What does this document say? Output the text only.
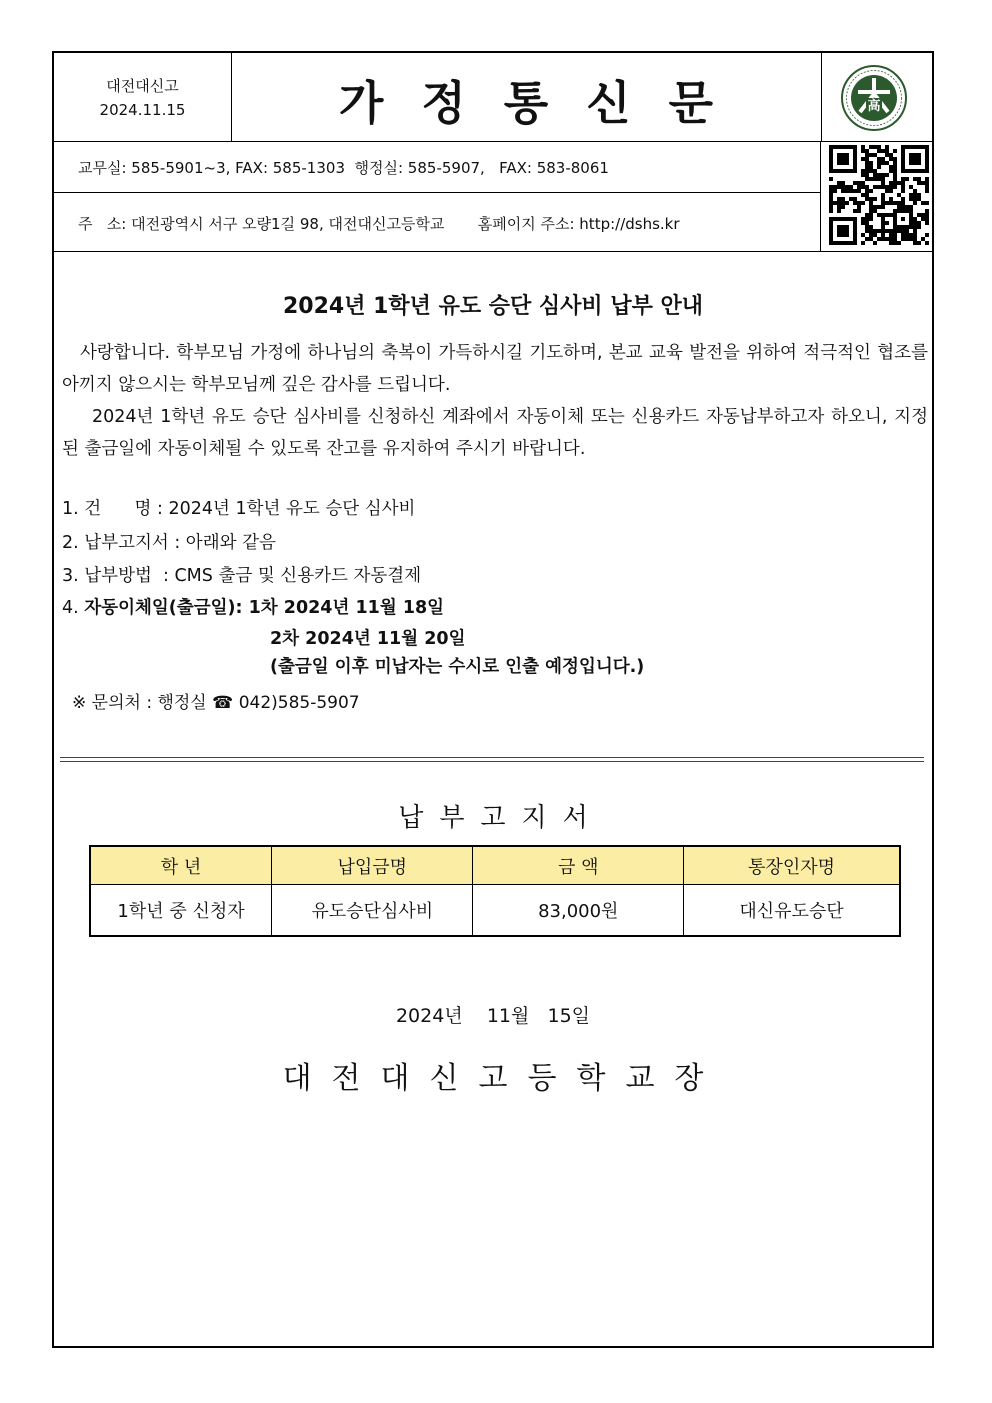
대전대신고
2024.11.15	가정통신문	高
교무실: 585-5901~3, FAX: 585-1303  행정실: 585-5907,   FAX: 583-8061
주   소: 대전광역시 서구 오량1길 98, 대전대신고등학교       홈페이지 주소: http://dshs.kr
2024년 1학년 유도 승단 심사비 납부 안내
사랑합니다. 학부모님 가정에 하나님의 축복이 가득하시길 기도하며, 본교 교육 발전을 위하여 적극적인 협조를 아끼지 않으시는 학부모님께 깊은 감사를 드립니다.
2024년 1학년 유도 승단 심사비를 신청하신 계좌에서 자동이체 또는 신용카드 자동납부하고자 하오니, 지정된 출금일에 자동이체될 수 있도록 잔고를 유지하여 주시기 바랍니다.
1. 건      명 : 2024년 1학년 유도 승단 심사비
2. 납부고지서 : 아래와 같음
3. 납부방법  : CMS 출금 및 신용카드 자동결제
4. 자동이체일(출금일): 1차 2024년 11월 18일
2차 2024년 11월 20일
(출금일 이후 미납자는 수시로 인출 예정입니다.)
※ 문의처 : 행정실 ☎ 042)585-5907
납부고지서
학 년	납입금명	금 액	통장인자명
1학년 중 신청자	유도승단심사비	83,000원	대신유도승단
2024년    11월   15일
대전대신고등학교장
